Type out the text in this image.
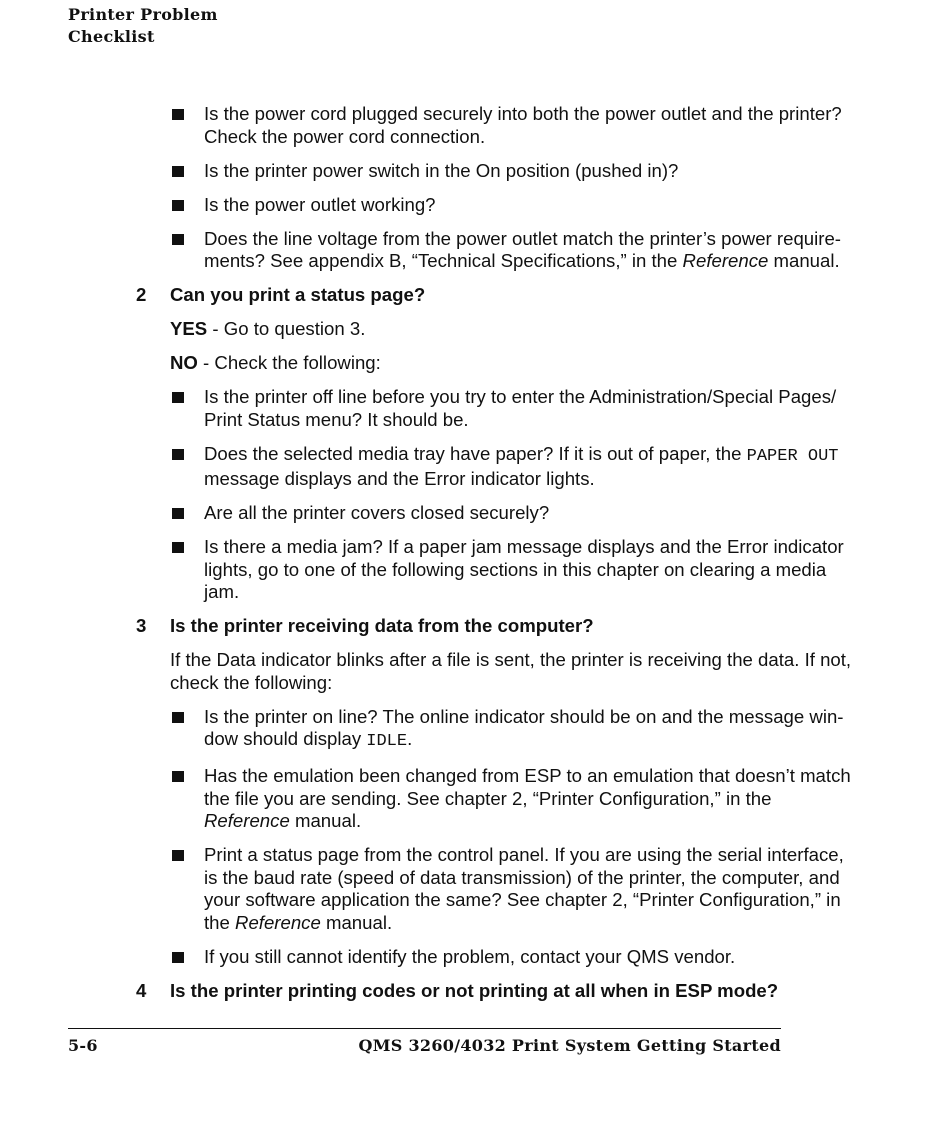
Printer Problem
Checklist
Is the power cord plugged securely into both the power outlet and the printer? Check the power cord connection.
Is the printer power switch in the On position (pushed in)?
Is the power outlet working?
Does the line voltage from the power outlet match the printer’s power require-ments? See appendix B, “Technical Specifications,” in the Reference manual.
2 Can you print a status page?
YES - Go to question 3.
NO - Check the following:
Is the printer off line before you try to enter the Administration/Special Pages/ Print Status menu? It should be.
Does the selected media tray have paper? If it is out of paper, the PAPER OUT message displays and the Error indicator lights.
Are all the printer covers closed securely?
Is there a media jam? If a paper jam message displays and the Error indicator lights, go to one of the following sections in this chapter on clearing a media jam.
3 Is the printer receiving data from the computer?
If the Data indicator blinks after a file is sent, the printer is receiving the data. If not, check the following:
Is the printer on line? The online indicator should be on and the message win-dow should display IDLE.
Has the emulation been changed from ESP to an emulation that doesn’t match the file you are sending. See chapter 2, “Printer Configuration,” in the Reference manual.
Print a status page from the control panel. If you are using the serial interface, is the baud rate (speed of data transmission) of the printer, the computer, and your software application the same? See chapter 2, “Printer Configuration,” in the Reference manual.
If you still cannot identify the problem, contact your QMS vendor.
4 Is the printer printing codes or not printing at all when in ESP mode?
5-6	QMS 3260/4032 Print System Getting Started
